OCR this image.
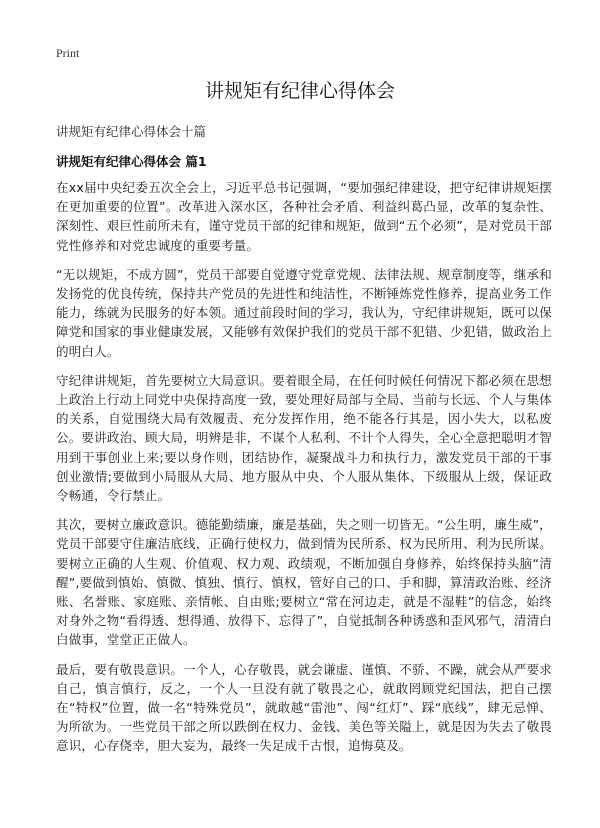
Print
讲规矩有纪律心得体会

讲规矩有纪律心得体会十篇

讲规矩有纪律心得体会 篇1

在xx届中央纪委五次全会上，习近平总书记强调，“要加强纪律建设，把守纪律讲规矩摆在更加重要的位置”。改革进入深水区，各种社会矛盾、利益纠葛凸显，改革的复杂性、深刻性、艰巨性前所未有，谨守党员干部的纪律和规矩，做到“五个必须”，是对党员干部党性修养和对党忠诚度的重要考量。

“无以规矩，不成方圆”，党员干部要自觉遵守党章党规、法律法规、规章制度等，继承和发扬党的优良传统，保持共产党员的先进性和纯洁性，不断锤炼党性修养，提高业务工作能力，练就为民服务的好本领。通过前段时间的学习，我认为，守纪律讲规矩，既可以保障党和国家的事业健康发展，又能够有效保护我们的党员干部不犯错、少犯错，做政治上的明白人。

守纪律讲规矩，首先要树立大局意识。要着眼全局，在任何时候任何情况下都必须在思想上政治上行动上同党中央保持高度一致，要处理好局部与全局、当前与长远、个人与集体的关系，自觉围绕大局有效履责、充分发挥作用，绝不能各行其是，因小失大，以私废公。要讲政治、顾大局，明辨是非，不谋个人私利、不计个人得失，全心全意把聪明才智用到干事创业上来;要以身作则，团结协作，凝聚战斗力和执行力，激发党员干部的干事创业激情;要做到小局服从大局、地方服从中央、个人服从集体、下级服从上级，保证政令畅通，令行禁止。

其次，要树立廉政意识。德能勤绩廉，廉是基础，失之则一切皆无。“公生明，廉生威”，党员干部要守住廉洁底线，正确行使权力，做到情为民所系、权为民所用、利为民所谋。要树立正确的人生观、价值观、权力观、政绩观，不断加强自身修养，始终保持头脑“清醒”,要做到慎始、慎微、慎独、慎行、慎权，管好自己的口、手和脚，算清政治账、经济账、名誉账、家庭账、亲情帐、自由账;要树立“常在河边走，就是不湿鞋”的信念，始终对身外之物“看得透、想得通、放得下、忘得了”，自觉抵制各种诱惑和歪风邪气，清清白白做事，堂堂正正做人。

最后，要有敬畏意识。一个人，心存敬畏，就会谦虚、谨慎、不骄、不躁，就会从严要求自己，慎言慎行，反之，一个人一旦没有就了敬畏之心，就敢罔顾党纪国法，把自己摆在“特权”位置，做一名“特殊党员”，就敢越“雷池”、闯“红灯”、踩“底线”，肆无忌惮、为所欲为。一些党员干部之所以跌倒在权力、金钱、美色等关隘上，就是因为失去了敬畏意识，心存侥幸，胆大妄为，最终一失足成千古恨，追悔莫及。
